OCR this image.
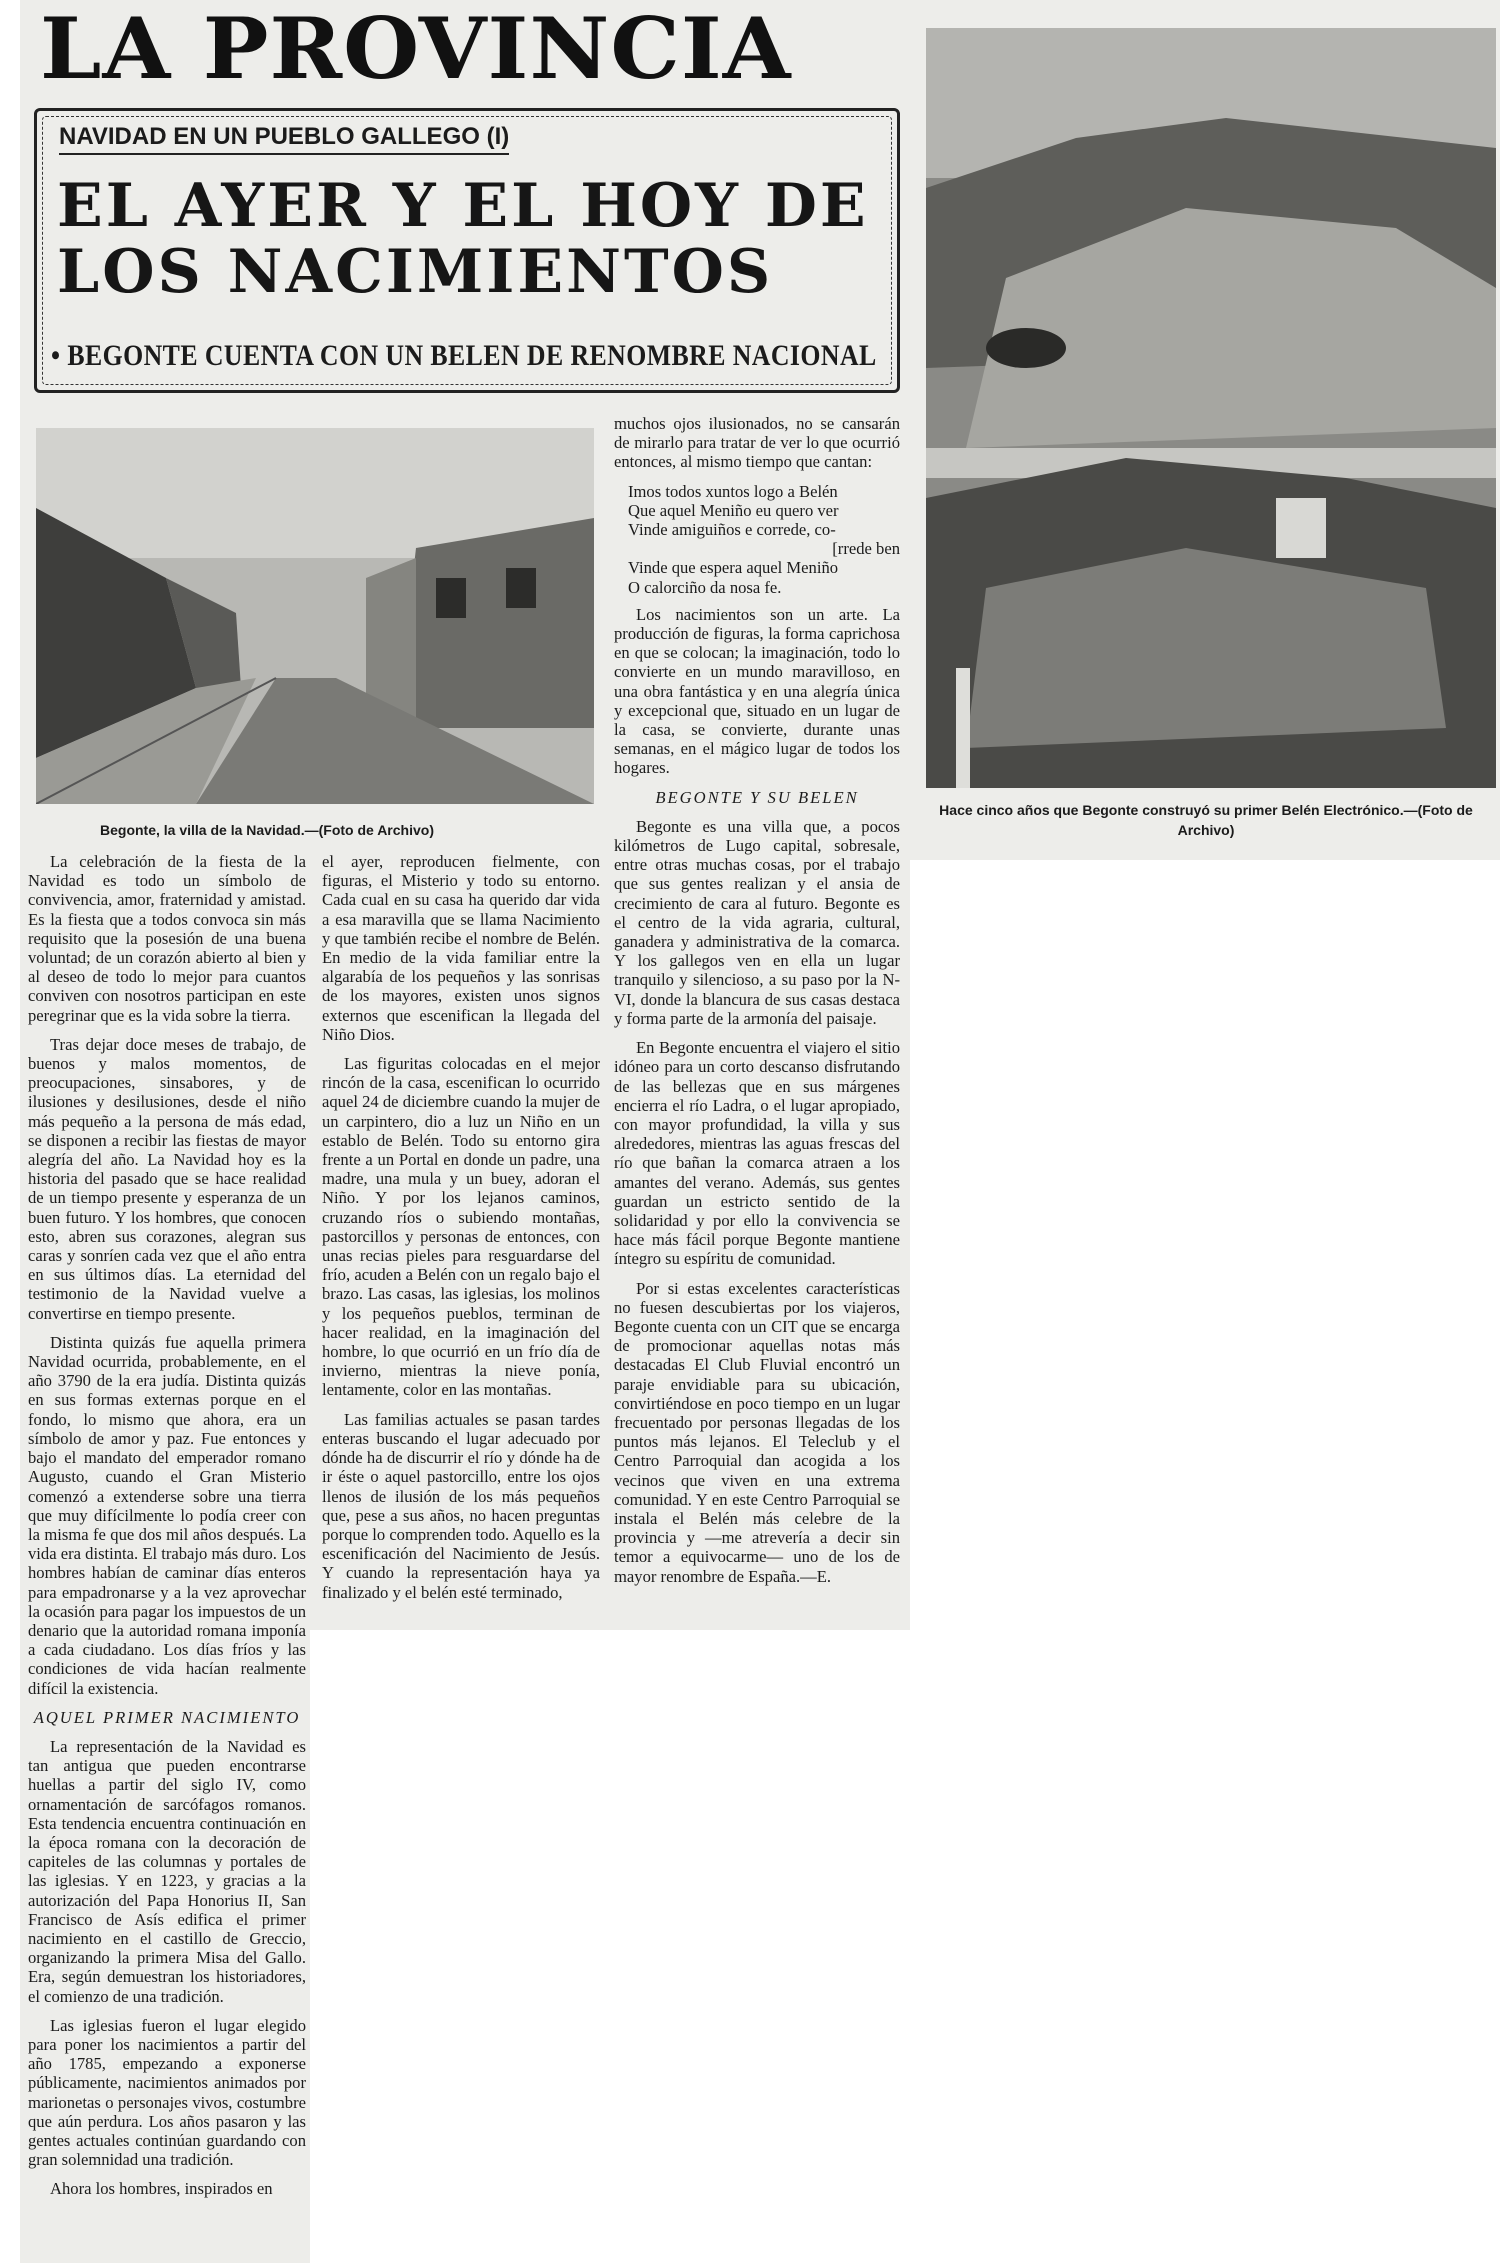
LA PROVINCIA
NAVIDAD EN UN PUEBLO GALLEGO (I)
EL AYER Y EL HOY DE LOS NACIMIENTOS
• BEGONTE CUENTA CON UN BELEN DE RENOMBRE NACIONAL
Begonte, la villa de la Navidad.—(Foto de Archivo)
Hace cinco años que Begonte construyó su primer Belén Electrónico.—(Foto de Archivo)

La celebración de la fiesta de la Navidad es todo un símbolo de convivencia, amor, fraternidad y amistad. Es la fiesta que a todos convoca sin más requisito que la posesión de una buena voluntad; de un corazón abierto al bien y al deseo de todo lo mejor para cuantos conviven con nosotros participan en este peregrinar que es la vida sobre la tierra.

Tras dejar doce meses de trabajo, de buenos y malos momentos, de preocupaciones, sinsabores, y de ilusiones y desilusiones, desde el niño más pequeño a la persona de más edad, se disponen a recibir las fiestas de mayor alegría del año. La Navidad hoy es la historia del pasado que se hace realidad de un tiempo presente y esperanza de un buen futuro. Y los hombres, que conocen esto, abren sus corazones, alegran sus caras y sonríen cada vez que el año entra en sus últimos días. La eternidad del testimonio de la Navidad vuelve a convertirse en tiempo presente.

Distinta quizás fue aquella primera Navidad ocurrida, probablemente, en el año 3790 de la era judía. Distinta quizás en sus formas externas porque en el fondo, lo mismo que ahora, era un símbolo de amor y paz. Fue entonces y bajo el mandato del emperador romano Augusto, cuando el Gran Misterio comenzó a extenderse sobre una tierra que muy difícilmente lo podía creer con la misma fe que dos mil años después. La vida era distinta. El trabajo más duro. Los hombres habían de caminar días enteros para empadronarse y a la vez aprovechar la ocasión para pagar los impuestos de un denario que la autoridad romana imponía a cada ciudadano. Los días fríos y las condiciones de vida hacían realmente difícil la existencia.

AQUEL PRIMER NACIMIENTO

La representación de la Navidad es tan antigua que pueden encontrarse huellas a partir del siglo IV, como ornamentación de sarcófagos romanos. Esta tendencia encuentra continuación en la época romana con la decoración de capiteles de las columnas y portales de las iglesias. Y en 1223, y gracias a la autorización del Papa Honorius II, San Francisco de Asís edifica el primer nacimiento en el castillo de Greccio, organizando la primera Misa del Gallo. Era, según demuestran los historiadores, el comienzo de una tradición.

Las iglesias fueron el lugar elegido para poner los nacimientos a partir del año 1785, empezando a exponerse públicamente, nacimientos animados por marionetas o personajes vivos, costumbre que aún perdura. Los años pasaron y las gentes actuales continúan guardando con gran solemnidad una tradición.

Ahora los hombres, inspirados en

el ayer, reproducen fielmente, con figuras, el Misterio y todo su entorno. Cada cual en su casa ha querido dar vida a esa maravilla que se llama Nacimiento y que también recibe el nombre de Belén. En medio de la vida familiar entre la algarabía de los pequeños y las sonrisas de los mayores, existen unos signos externos que escenifican la llegada del Niño Dios.

Las figuritas colocadas en el mejor rincón de la casa, escenifican lo ocurrido aquel 24 de diciembre cuando la mujer de un carpintero, dio a luz un Niño en un establo de Belén. Todo su entorno gira frente a un Portal en donde un padre, una madre, una mula y un buey, adoran el Niño. Y por los lejanos caminos, cruzando ríos o subiendo montañas, pastorcillos y personas de entonces, con unas recias pieles para resguardarse del frío, acuden a Belén con un regalo bajo el brazo. Las casas, las iglesias, los molinos y los pequeños pueblos, terminan de hacer realidad, en la imaginación del hombre, lo que ocurrió en un frío día de invierno, mientras la nieve ponía, lentamente, color en las montañas.

Las familias actuales se pasan tardes enteras buscando el lugar adecuado por dónde ha de discurrir el río y dónde ha de ir éste o aquel pastorcillo, entre los ojos llenos de ilusión de los más pequeños que, pese a sus años, no hacen preguntas porque lo comprenden todo. Aquello es la escenificación del Nacimiento de Jesús. Y cuando la representación haya ya finalizado y el belén esté terminado,

muchos ojos ilusionados, no se cansarán de mirarlo para tratar de ver lo que ocurrió entonces, al mismo tiempo que cantan:

Imos todos xuntos logo a Belén
Que aquel Meniño eu quero ver
Vinde amiguiños e correde, co-
[rrede ben
Vinde que espera aquel Meniño
O calorciño da nosa fe.

Los nacimientos son un arte. La producción de figuras, la forma caprichosa en que se colocan; la imaginación, todo lo convierte en un mundo maravilloso, en una obra fantástica y en una alegría única y excepcional que, situado en un lugar de la casa, se convierte, durante unas semanas, en el mágico lugar de todos los hogares.

BEGONTE Y SU BELEN

Begonte es una villa que, a pocos kilómetros de Lugo capital, sobresale, entre otras muchas cosas, por el trabajo que sus gentes realizan y el ansia de crecimiento de cara al futuro. Begonte es el centro de la vida agraria, cultural, ganadera y administrativa de la comarca. Y los gallegos ven en ella un lugar tranquilo y silencioso, a su paso por la N-VI, donde la blancura de sus casas destaca y forma parte de la armonía del paisaje.

En Begonte encuentra el viajero el sitio idóneo para un corto descanso disfrutando de las bellezas que en sus márgenes encierra el río Ladra, o el lugar apropiado, con mayor profundidad, la villa y sus alrededores, mientras las aguas frescas del río que bañan la comarca atraen a los amantes del verano. Además, sus gentes guardan un estricto sentido de la solidaridad y por ello la convivencia se hace más fácil porque Begonte mantiene íntegro su espíritu de comunidad.

Por si estas excelentes características no fuesen descubiertas por los viajeros, Begonte cuenta con un CIT que se encarga de promocionar aquellas notas más destacadas El Club Fluvial encontró un paraje envidiable para su ubicación, convirtiéndose en poco tiempo en un lugar frecuentado por personas llegadas de los puntos más lejanos. El Teleclub y el Centro Parroquial dan acogida a los vecinos que viven en una extrema comunidad. Y en este Centro Parroquial se instala el Belén más celebre de la provincia y —me atrevería a decir sin temor a equivocarme— uno de los de mayor renombre de España.—E.
